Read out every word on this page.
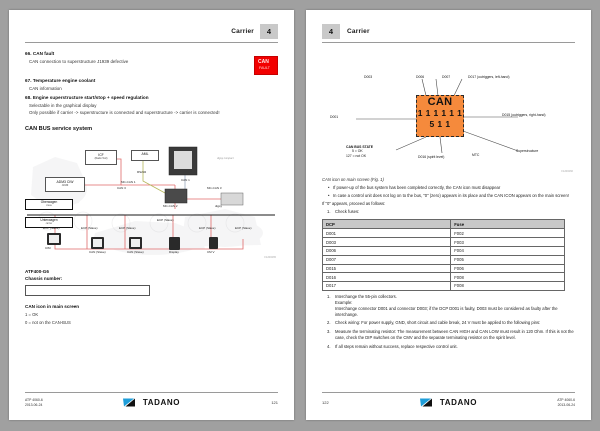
Carrier	4
66. CAN fault
CAN connection to superstructure J1939 defective
67. Temperature engine coolant
CAN information
68. Engine superstructure start/stop + speed regulation
Selectable in the graphical display
Only possible if carrier -> superstructure is connected and superstructure -> carrier is connected!
CAN
FAULT
CAN BUS service system
ICF
(Radio Tool)
AML
ADM3 CIW
J1939
Oberwagen
crane
Unterwagen
carrier
RS232
CAN 3
MC-CAN 1
MC-CAN 2
CAN 1
MC-CAN 3
digsy
ECP (Slave)	ECP (Slave)	ECP (Slave)
ECP (Slave)
ECP (Slave)	ECP (Slave)
CAN (Slave)	CAN (Slave)	Display	CM V
CIM
digsy compact
F1200265
ATF400-G6
Chassis number:
CAN icon in main screen
1 = OK
0 = not on the CAN-BUS
ATP 4060-6
2013-06-24	TADANO	121
4	Carrier
CAN
1 1 1 1 1 1
5 1 1
D003	D006	D007	D017 (outriggers, left-hand)
D001	D015 (outriggers, right-hand)
D016 (spirit level)	MTC
Superstructure
CAN BUS STATE
5 = OK
127 = not OK
F1200266
CAN icon on main screen (Fig. 1)
• If power-up of the bus system has been completed correctly, the CAN icon must disappear
• In case a control unit does not log on to the bus, "0" (zero) appears in its place and the CAN ICON appears on the main screen!
If "0" appears, proceed as follows:
1.	Check fuses:
DCP	Fuse
D001	F002
D003	F003
D006	F004
D007	F005
D015	F006
D016	F008
D017	F008
1.	Interchange the 55-pin collectors.
Example:
Interchange connector D001 and connector D003; if the DCP D001 is faulty, D003 must be considered as faulty after the interchange.
2.	Check wiring: For power supply, GND, short circuit and cable break, 24 V must be applied to the following pins:
3.	Measure the terminating resistor: The measurement between CAN HIGH and CAN LOW must result in 120 Ohm. If this is not the case, check the DIP switches on the CMV and the separate terminating resistor on the spirit level.
4.	If all steps remain without success, replace respective control unit.
122	TADANO	ATP 4060-6
2013-06-24
